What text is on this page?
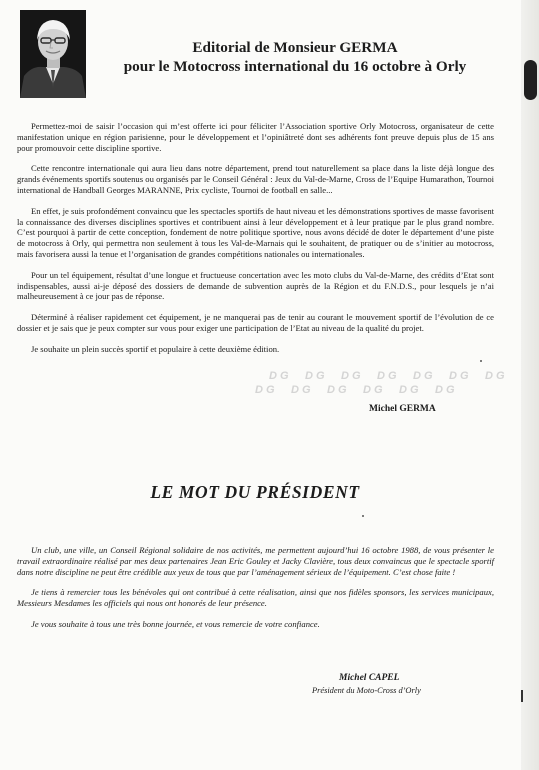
Editorial de Monsieur GERMA
pour le Motocross international du 16 octobre à Orly

Permettez-moi de saisir l’occasion qui m’est offerte ici pour féliciter l’Association sportive Orly Motocross, organisateur de cette manifestation unique en région parisienne, pour le développement et l’opiniâtreté dont ses adhérents font preuve depuis plus de 15 ans pour promouvoir cette discipline sportive.

Cette rencontre internationale qui aura lieu dans notre département, prend tout naturellement sa place dans la liste déjà longue des grands événements sportifs soutenus ou organisés par le Conseil Général : Jeux du Val-de-Marne, Cross de l’Equipe Humarathon, Tournoi international de Handball Georges MARANNE, Prix cycliste, Tournoi de football en salle...

En effet, je suis profondément convaincu que les spectacles sportifs de haut niveau et les démonstrations sportives de masse favorisent la connaissance des diverses disciplines sportives et contribuent ainsi à leur développement et à leur pratique par le plus grand nombre. C’est pourquoi à partir de cette conception, fondement de notre politique sportive, nous avons décidé de doter le département d’une piste de motocross à Orly, qui permettra non seulement à tous les Val-de-Marnais qui le souhaitent, de pratiquer ou de s’initier au motocross, mais favorisera aussi la tenue et l’organisation de grandes compétitions nationales ou internationales.

Pour un tel équipement, résultat d’une longue et fructueuse concertation avec les moto clubs du Val-de-Marne, des crédits d’Etat sont indispensables, aussi ai-je déposé des dossiers de demande de subvention auprès de la Région et du F.N.D.S., pour lesquels je n’ai malheureusement à ce jour pas de réponse.

Déterminé à réaliser rapidement cet équipement, je ne manquerai pas de tenir au courant le mouvement sportif de l’évolution de ce dossier et je sais que je peux compter sur vous pour exiger une participation de l’Etat au niveau de la qualité du projet.

Je souhaite un plein succès sportif et populaire à cette deuxième édition.

DG
DG
DG
DG
DG
DG
DG
DG
DG
DG
DG
DG
DG

Michel GERMA

LE MOT DU PRÉSIDENT

Un club, une ville, un Conseil Régional solidaire de nos activités, me permettent aujourd’hui 16 octobre 1988, de vous présenter le travail extraordinaire réalisé par mes deux partenaires Jean Eric Gouley et Jacky Clavière, tous deux convaincus que le spectacle sportif dans notre discipline ne peut être crédible aux yeux de tous que par l’aménagement sérieux de l’équipement. C’est chose faite !

Je tiens à remercier tous les bénévoles qui ont contribué à cette réalisation, ainsi que nos fidèles sponsors, les services municipaux, Messieurs Mesdames les officiels qui nous ont honorés de leur présence.

Je vous souhaite à tous une très bonne journée, et vous remercie de votre confiance.

Michel CAPEL

Président du Moto-Cross d’Orly
